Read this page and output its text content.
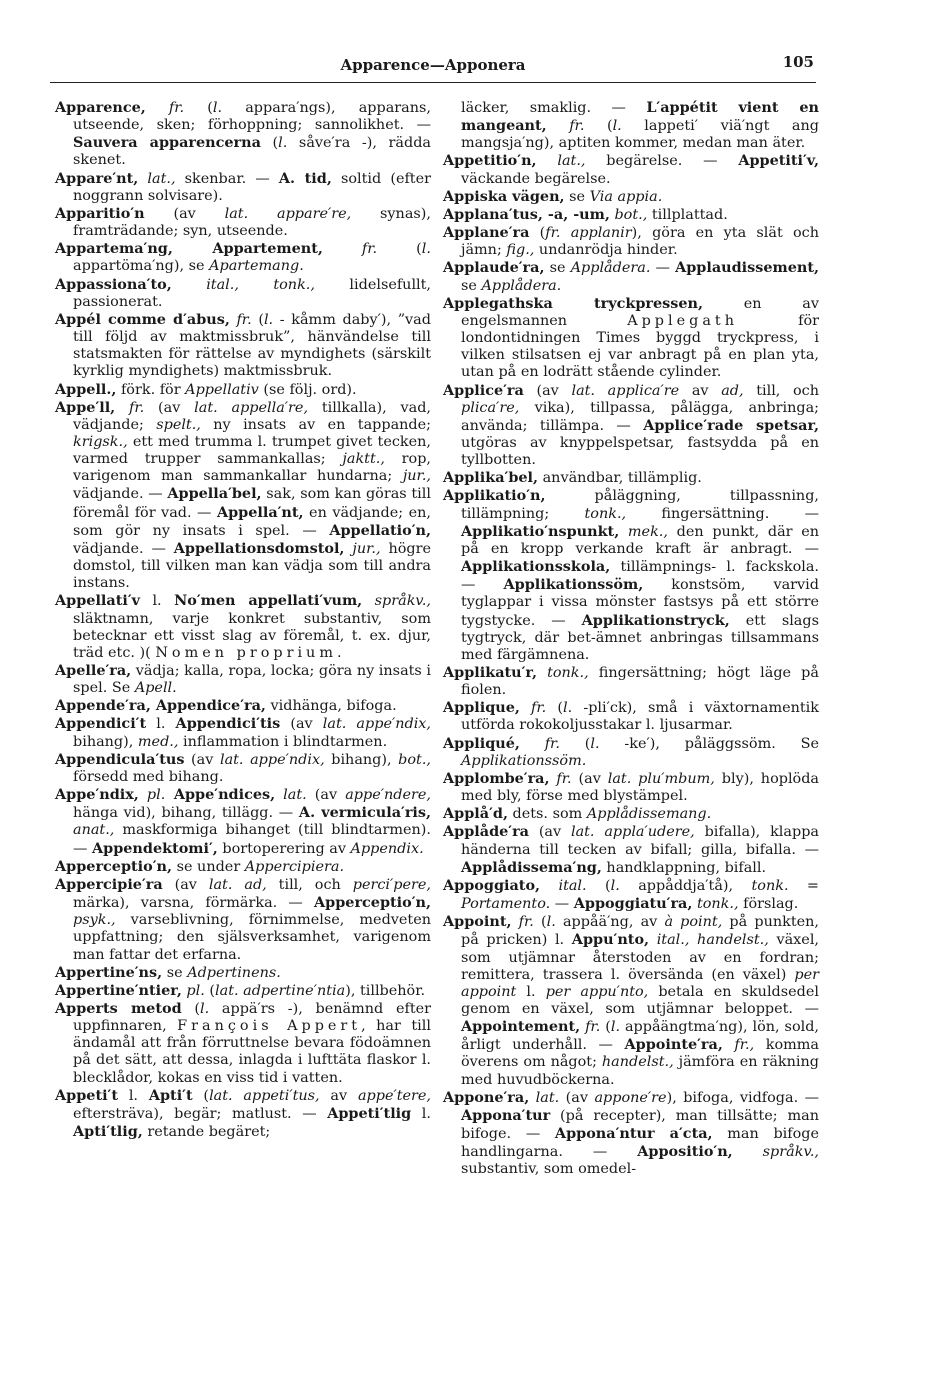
Apparence—Apponera	105

Apparence, fr. (l. appara′ngs), apparans, utseende, sken; förhoppning; sannolikhet. — Sauvera apparencerna (l. såve′ra -), rädda skenet.

Appare′nt, lat., skenbar. — A. tid, soltid (efter noggrann solvisare).

Apparitio′n (av lat. appare′re, synas), framträdande; syn, utseende.

Appartema′ng, Appartement, fr. (l. appartöma′ng), se Apartemang.

Appassiona′to, ital., tonk., lidelsefullt, passionerat.

Appél comme d′abus, fr. (l. - kåmm daby′), ”vad till följd av maktmissbruk”, hänvändelse till statsmakten för rättelse av myndighets (särskilt kyrklig myndighets) maktmissbruk.

Appell., förk. för Appellativ (se följ. ord).

Appe′ll, fr. (av lat. appella′re, tillkalla), vad, vädjande; spelt., ny insats av en tappande; krigsk., ett med trumma l. trumpet givet tecken, varmed trupper sammankallas; jaktt., rop, varigenom man sammankallar hundarna; jur., vädjande. — Appella′bel, sak, som kan göras till föremål för vad. — Appella′nt, en vädjande; en, som gör ny insats i spel. — Appellatio′n, vädjande. — Appellationsdomstol, jur., högre domstol, till vilken man kan vädja som till andra instans.

Appellati′v l. No′men appellati′vum, språkv., släktnamn, varje konkret substantiv, som betecknar ett visst slag av föremål, t. ex. djur, träd etc. )( Nomen proprium.

Apelle′ra, vädja; kalla, ropa, locka; göra ny insats i spel. Se Apell.

Appende′ra, Appendice′ra, vidhänga, bifoga.

Appendici′t l. Appendici′tis (av lat. appe′ndix, bihang), med., inflammation i blindtarmen.

Appendicula′tus (av lat. appe′ndix, bihang), bot., försedd med bihang.

Appe′ndix, pl. Appe′ndices, lat. (av appe′ndere, hänga vid), bihang, tillägg. — A. vermicula′ris, anat., maskformiga bihanget (till blindtarmen). — Appendektomi′, bortoperering av Appendix.

Apperceptio′n, se under Appercipiera.

Appercipie′ra (av lat. ad, till, och perci′pere, märka), varsna, förmärka. — Apperceptio′n, psyk., varseblivning, förnimmelse, medveten uppfattning; den själsverksamhet, varigenom man fattar det erfarna.

Appertine′ns, se Adpertinens.

Appertine′ntier, pl. (lat. adpertine′ntia), tillbehör.

Apperts metod (l. appä′rs -), benämnd efter uppfinnaren, François Appert, har till ändamål att från förruttnelse bevara födoämnen på det sätt, att dessa, inlagda i lufttäta flaskor l. blecklådor, kokas en viss tid i vatten.

Appeti′t l. Apti′t (lat. appeti′tus, av appe′tere, eftersträva), begär; matlust. — Appeti′tlig l. Apti′tlig, retande begäret;

läcker, smaklig. — L′appétit vient en mangeant, fr. (l. lappeti′ viä′ngt ang mangsja′ng), aptiten kommer, medan man äter.

Appetitio′n, lat., begärelse. — Appetiti′v, väckande begärelse.

Appiska vägen, se Via appia.

Applana′tus, -a, -um, bot., tillplattad.

Applane′ra (fr. applanir), göra en yta slät och jämn; fig., undanrödja hinder.

Applaude′ra, se Applådera. — Applaudissement, se Applådera.

Applegathska tryckpressen, en av engelsmannen Applegath för londontidningen Times byggd tryckpress, i vilken stilsatsen ej var anbragt på en plan yta, utan på en lodrätt stående cylinder.

Applice′ra (av lat. applica′re av ad, till, och plica′re, vika), tillpassa, pålägga, anbringa; använda; tillämpa. — Applice′rade spetsar, utgöras av knyppelspetsar, fastsydda på en tyllbotten.

Applika′bel, användbar, tillämplig.

Applikatio′n, påläggning, tillpassning, tillämpning; tonk., fingersättning. — Applikatio′nspunkt, mek., den punkt, där en på en kropp verkande kraft är anbragt. — Applikationsskola, tillämpnings- l. fackskola. — Applikationssöm, konstsöm, varvid tyglappar i vissa mönster fastsys på ett större tygstycke. — Applikationstryck, ett slags tygtryck, där bet-ämnet anbringas tillsammans med färgämnena.

Applikatu′r, tonk., fingersättning; högt läge på fiolen.

Applique, fr. (l. -pli′ck), små i växtornamentik utförda rokokoljusstakar l. ljusarmar.

Appliqué, fr. (l. -ke′), påläggssöm. Se Applikationssöm.

Applombe′ra, fr. (av lat. plu′mbum, bly), hoplöda med bly, förse med blystämpel.

Applå′d, dets. som Applådissemang.

Applåde′ra (av lat. appla′udere, bifalla), klappa händerna till tecken av bifall; gilla, bifalla. — Applådissema′ng, handklappning, bifall.

Appoggiato, ital. (l. appåddja′tå), tonk. = Portamento. — Appoggiatu′ra, tonk., förslag.

Appoint, fr. (l. appåä′ng, av à point, på punkten, på pricken) l. Appu′nto, ital., handelst., växel, som utjämnar återstoden av en fordran; remittera, trassera l. översända (en växel) per appoint l. per appu′nto, betala en skuldsedel genom en växel, som utjämnar beloppet. — Appointement, fr. (l. appåängtma′ng), lön, sold, årligt underhåll. — Appointe′ra, fr., komma överens om något; handelst., jämföra en räkning med huvudböckerna.

Appone′ra, lat. (av appone′re), bifoga, vidfoga. — Appona′tur (på recepter), man tillsätte; man bifoge. — Appona′ntur a′cta, man bifoge handlingarna. — Appositio′n, språkv., substantiv, som omedel-
